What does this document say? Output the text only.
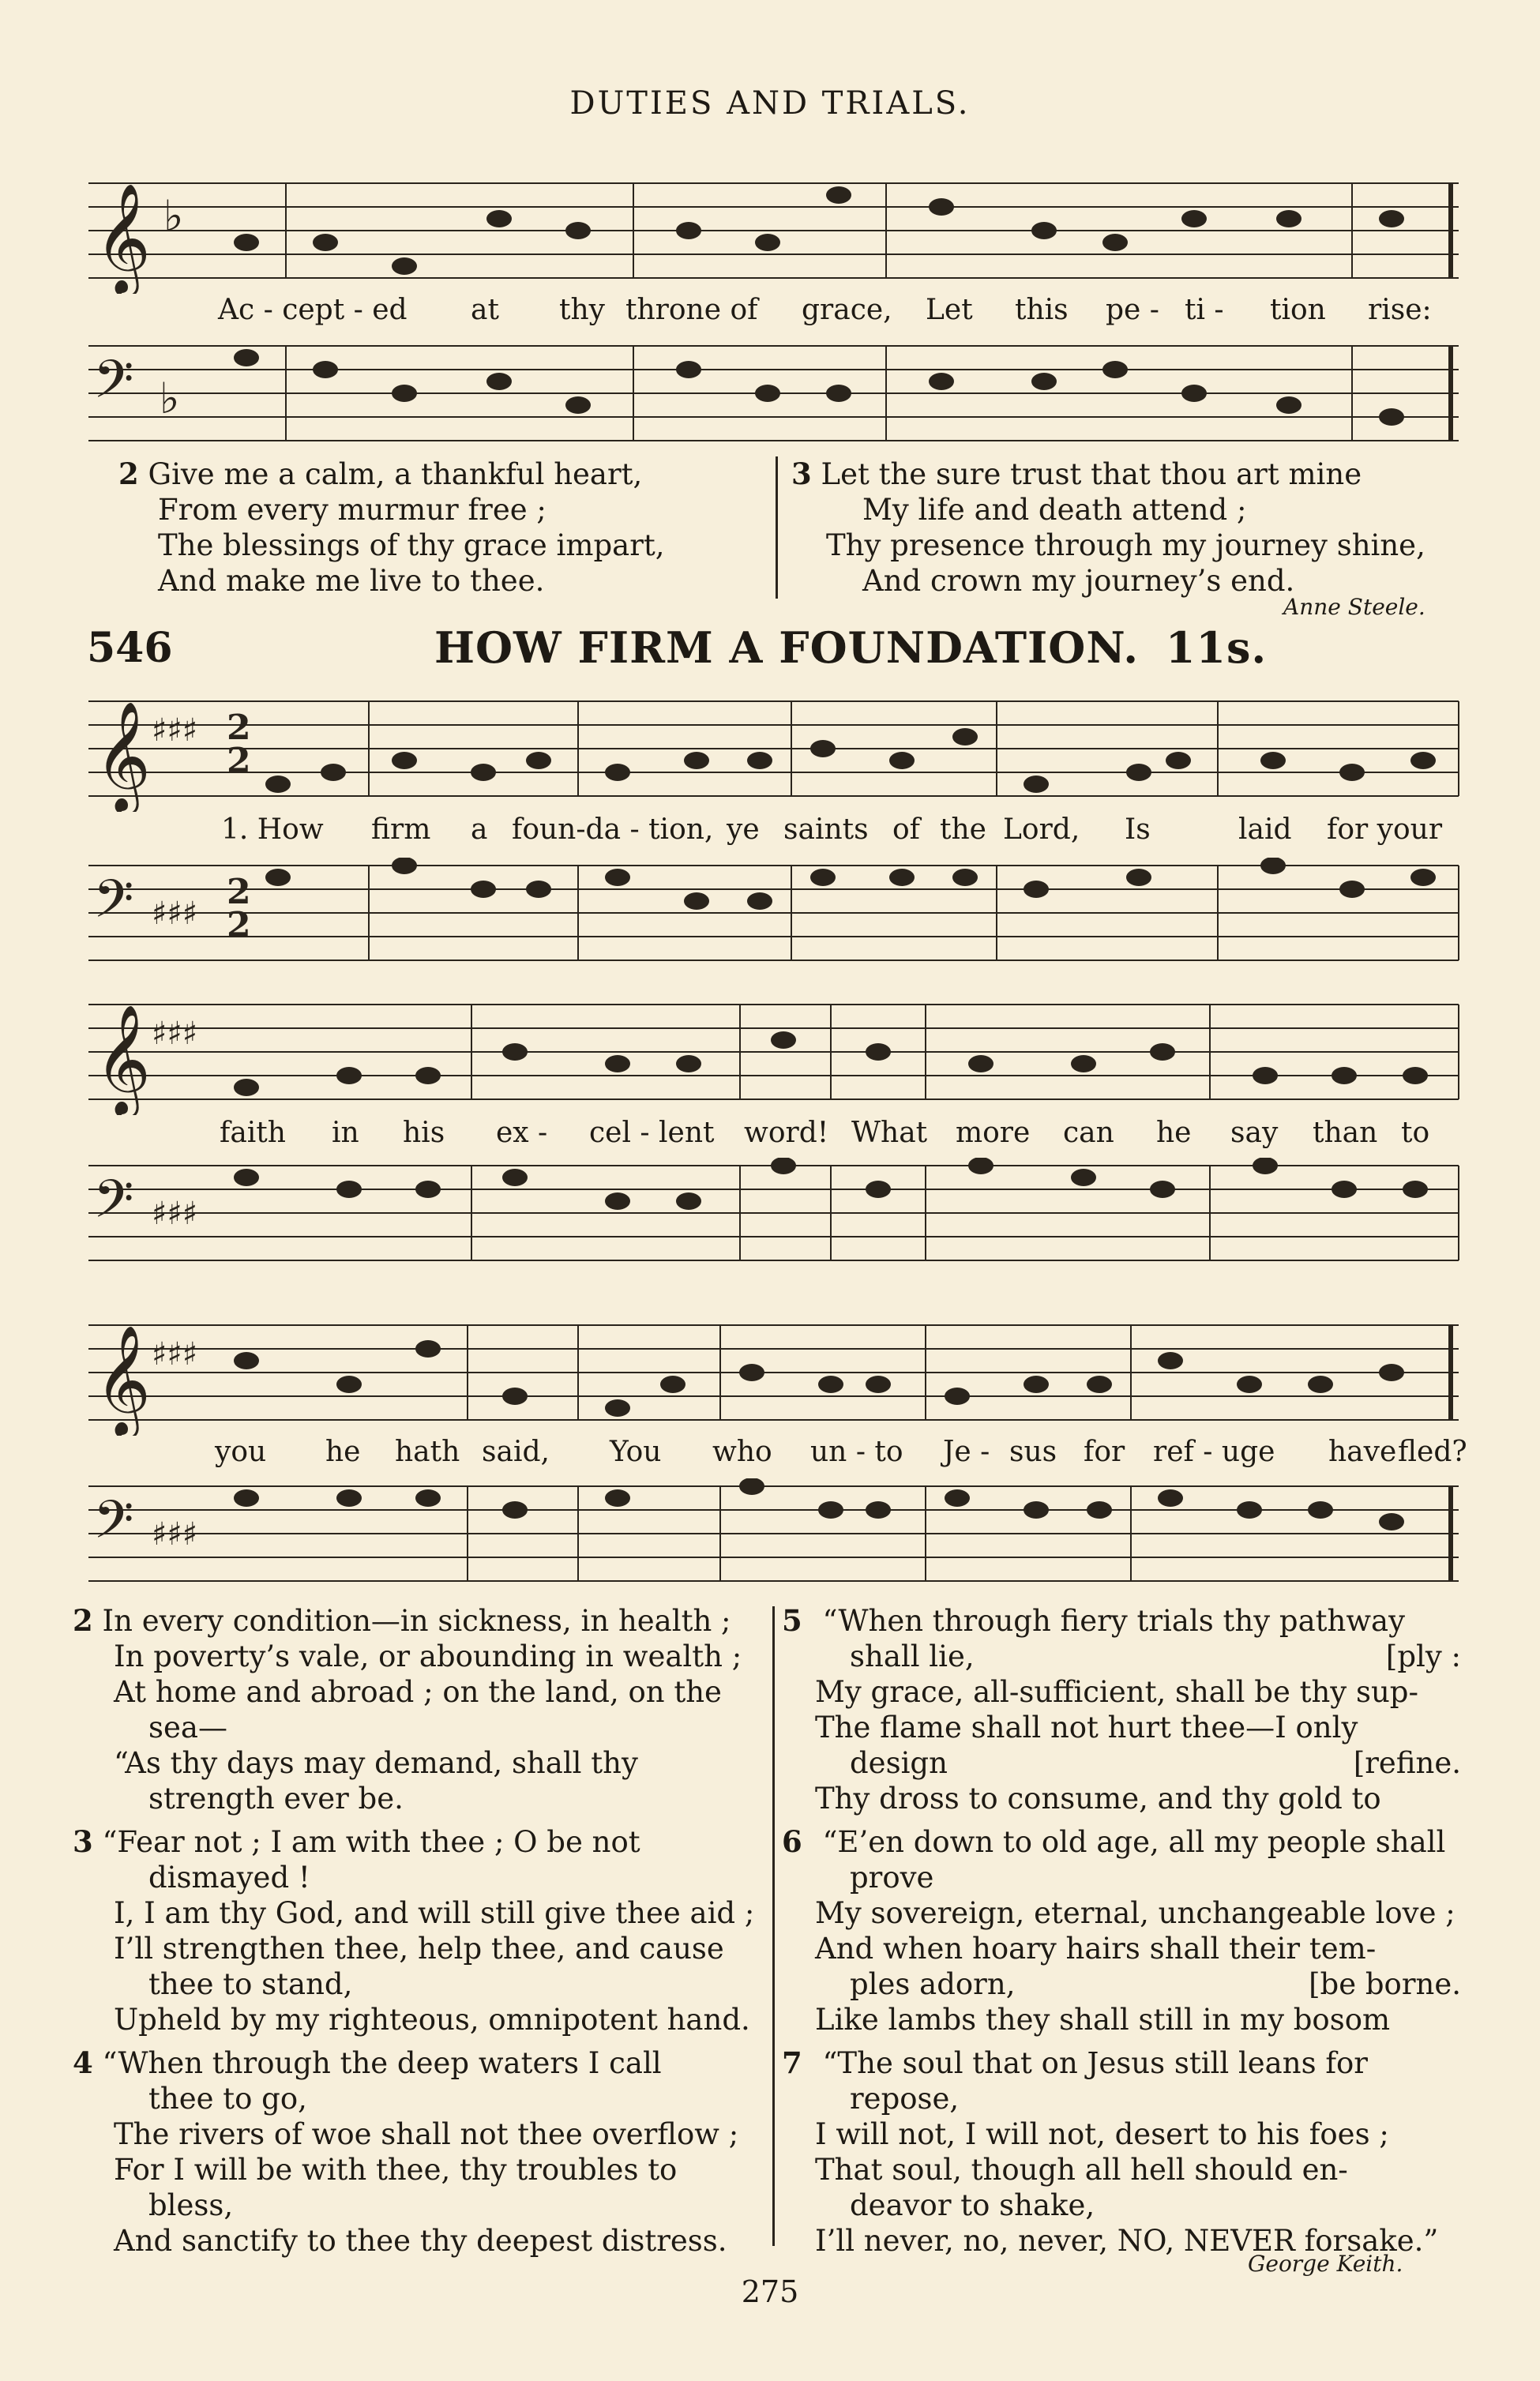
DUTIES AND TRIALS.
𝄞 ♭
Ac - cept - ed at thy throne of grace, Let this pe - ti - tion rise:
𝄢 ♭
2 Give me a calm, a thankful heart,
From every murmur free ;
The blessings of thy grace impart,
And make me live to thee.
3 Let the sure trust that thou art mine
My life and death attend ;
Thy presence through my journey shine,
And crown my journey’s end.
Anne Steele.
546	HOW FIRM A FOUNDATION. 11s.
𝄞 ♯♯♯ 2
2
1. How firm a foun-da - tion, ye saints of the Lord, Is	laid for your
𝄢 ♯♯♯
2
2
𝄞 ♯♯♯
faith in his ex - cel - lent word! What more can he say than to
𝄢 ♯♯♯
𝄞 ♯♯♯
you he hath said, You who un - to Je - sus for ref - uge have fled?
𝄢 ♯♯♯
2 In every condition—in sickness, in health ;
In poverty’s vale, or abounding in wealth ;
At home and abroad ; on the land, on the
sea—
“As thy days may demand, shall thy
strength ever be.
3 “Fear not ; I am with thee ; O be not
dismayed !
I, I am thy God, and will still give thee aid ;
I’ll strengthen thee, help thee, and cause
thee to stand,
Upheld by my righteous, omnipotent hand.
4 “When through the deep waters I call
thee to go,
The rivers of woe shall not thee overflow ;
For I will be with thee, thy troubles to
bless,
And sanctify to thee thy deepest distress.
5 “When through fiery trials thy pathway
shall lie,	[ply :
My grace, all-sufficient, shall be thy sup-
The flame shall not hurt thee—I only
design	[refine.
Thy dross to consume, and thy gold to
6 “E’en down to old age, all my people shall
prove
My sovereign, eternal, unchangeable love ;
And when hoary hairs shall their tem-
ples adorn,	[be borne.
Like lambs they shall still in my bosom
7 “The soul that on Jesus still leans for
repose,
I will not, I will not, desert to his foes ;
That soul, though all hell should en-
deavor to shake,
I’ll never, no, never, NO, NEVER forsake.”
George Keith.
275
